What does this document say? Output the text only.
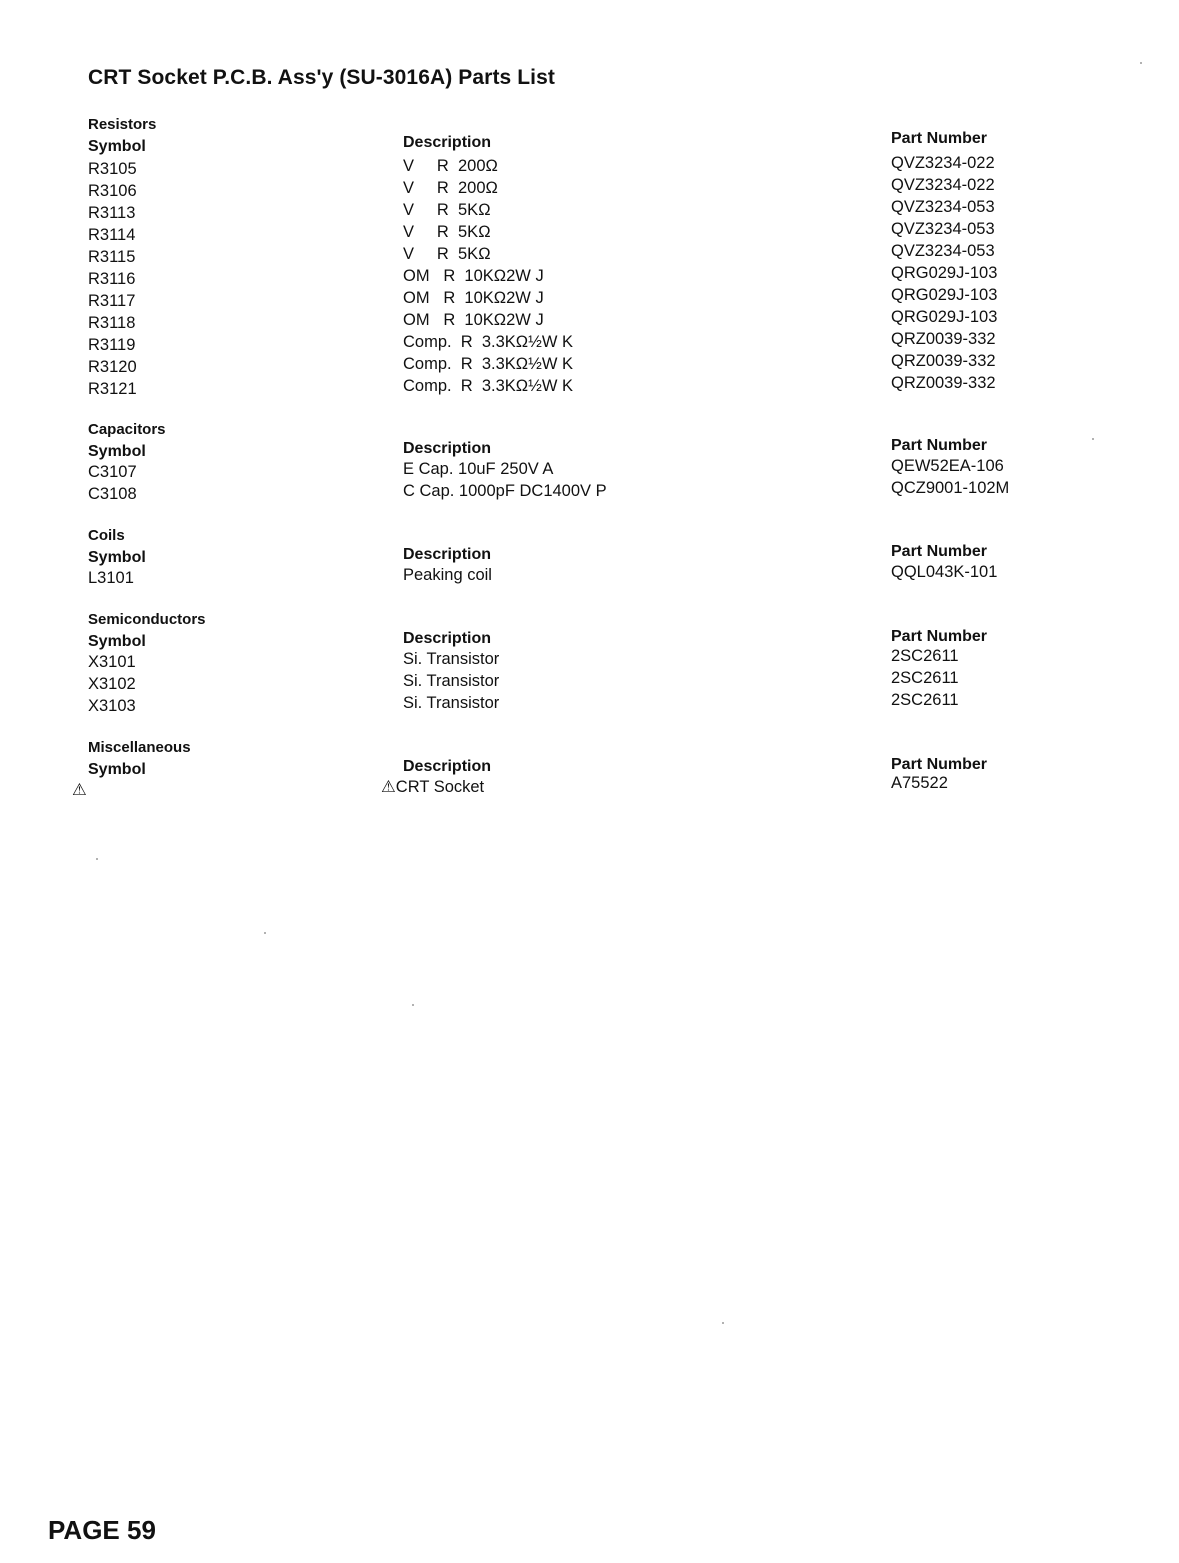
CRT Socket P.C.B. Ass'y (SU-3016A) Parts List
Resistors
Symbol	Description	Part Number
R3105	V     R  200Ω	QVZ3234-022
R3106	V     R  200Ω	QVZ3234-022
R3113	V     R  5KΩ	QVZ3234-053
R3114	V     R  5KΩ	QVZ3234-053
R3115	V     R  5KΩ	QVZ3234-053
R3116	OM   R  10KΩ2W J	QRG029J-103
R3117	OM   R  10KΩ2W J	QRG029J-103
R3118	OM   R  10KΩ2W J	QRG029J-103
R3119	Comp.  R  3.3KΩ½W K	QRZ0039-332
R3120	Comp.  R  3.3KΩ½W K	QRZ0039-332
R3121	Comp.  R  3.3KΩ½W K	QRZ0039-332
Capacitors
Symbol	Description	Part Number
C3107	E Cap. 10uF 250V A	QEW52EA-106
C3108	C Cap. 1000pF DC1400V P	QCZ9001-102M
Coils
Symbol	Description	Part Number
L3101	Peaking coil	QQL043K-101
Semiconductors
Symbol	Description	Part Number
X3101	Si. Transistor	2SC2611
X3102	Si. Transistor	2SC2611
X3103	Si. Transistor	2SC2611
Miscellaneous
Symbol	Description	Part Number
⚠	⚠CRT Socket	A75522
PAGE 59
